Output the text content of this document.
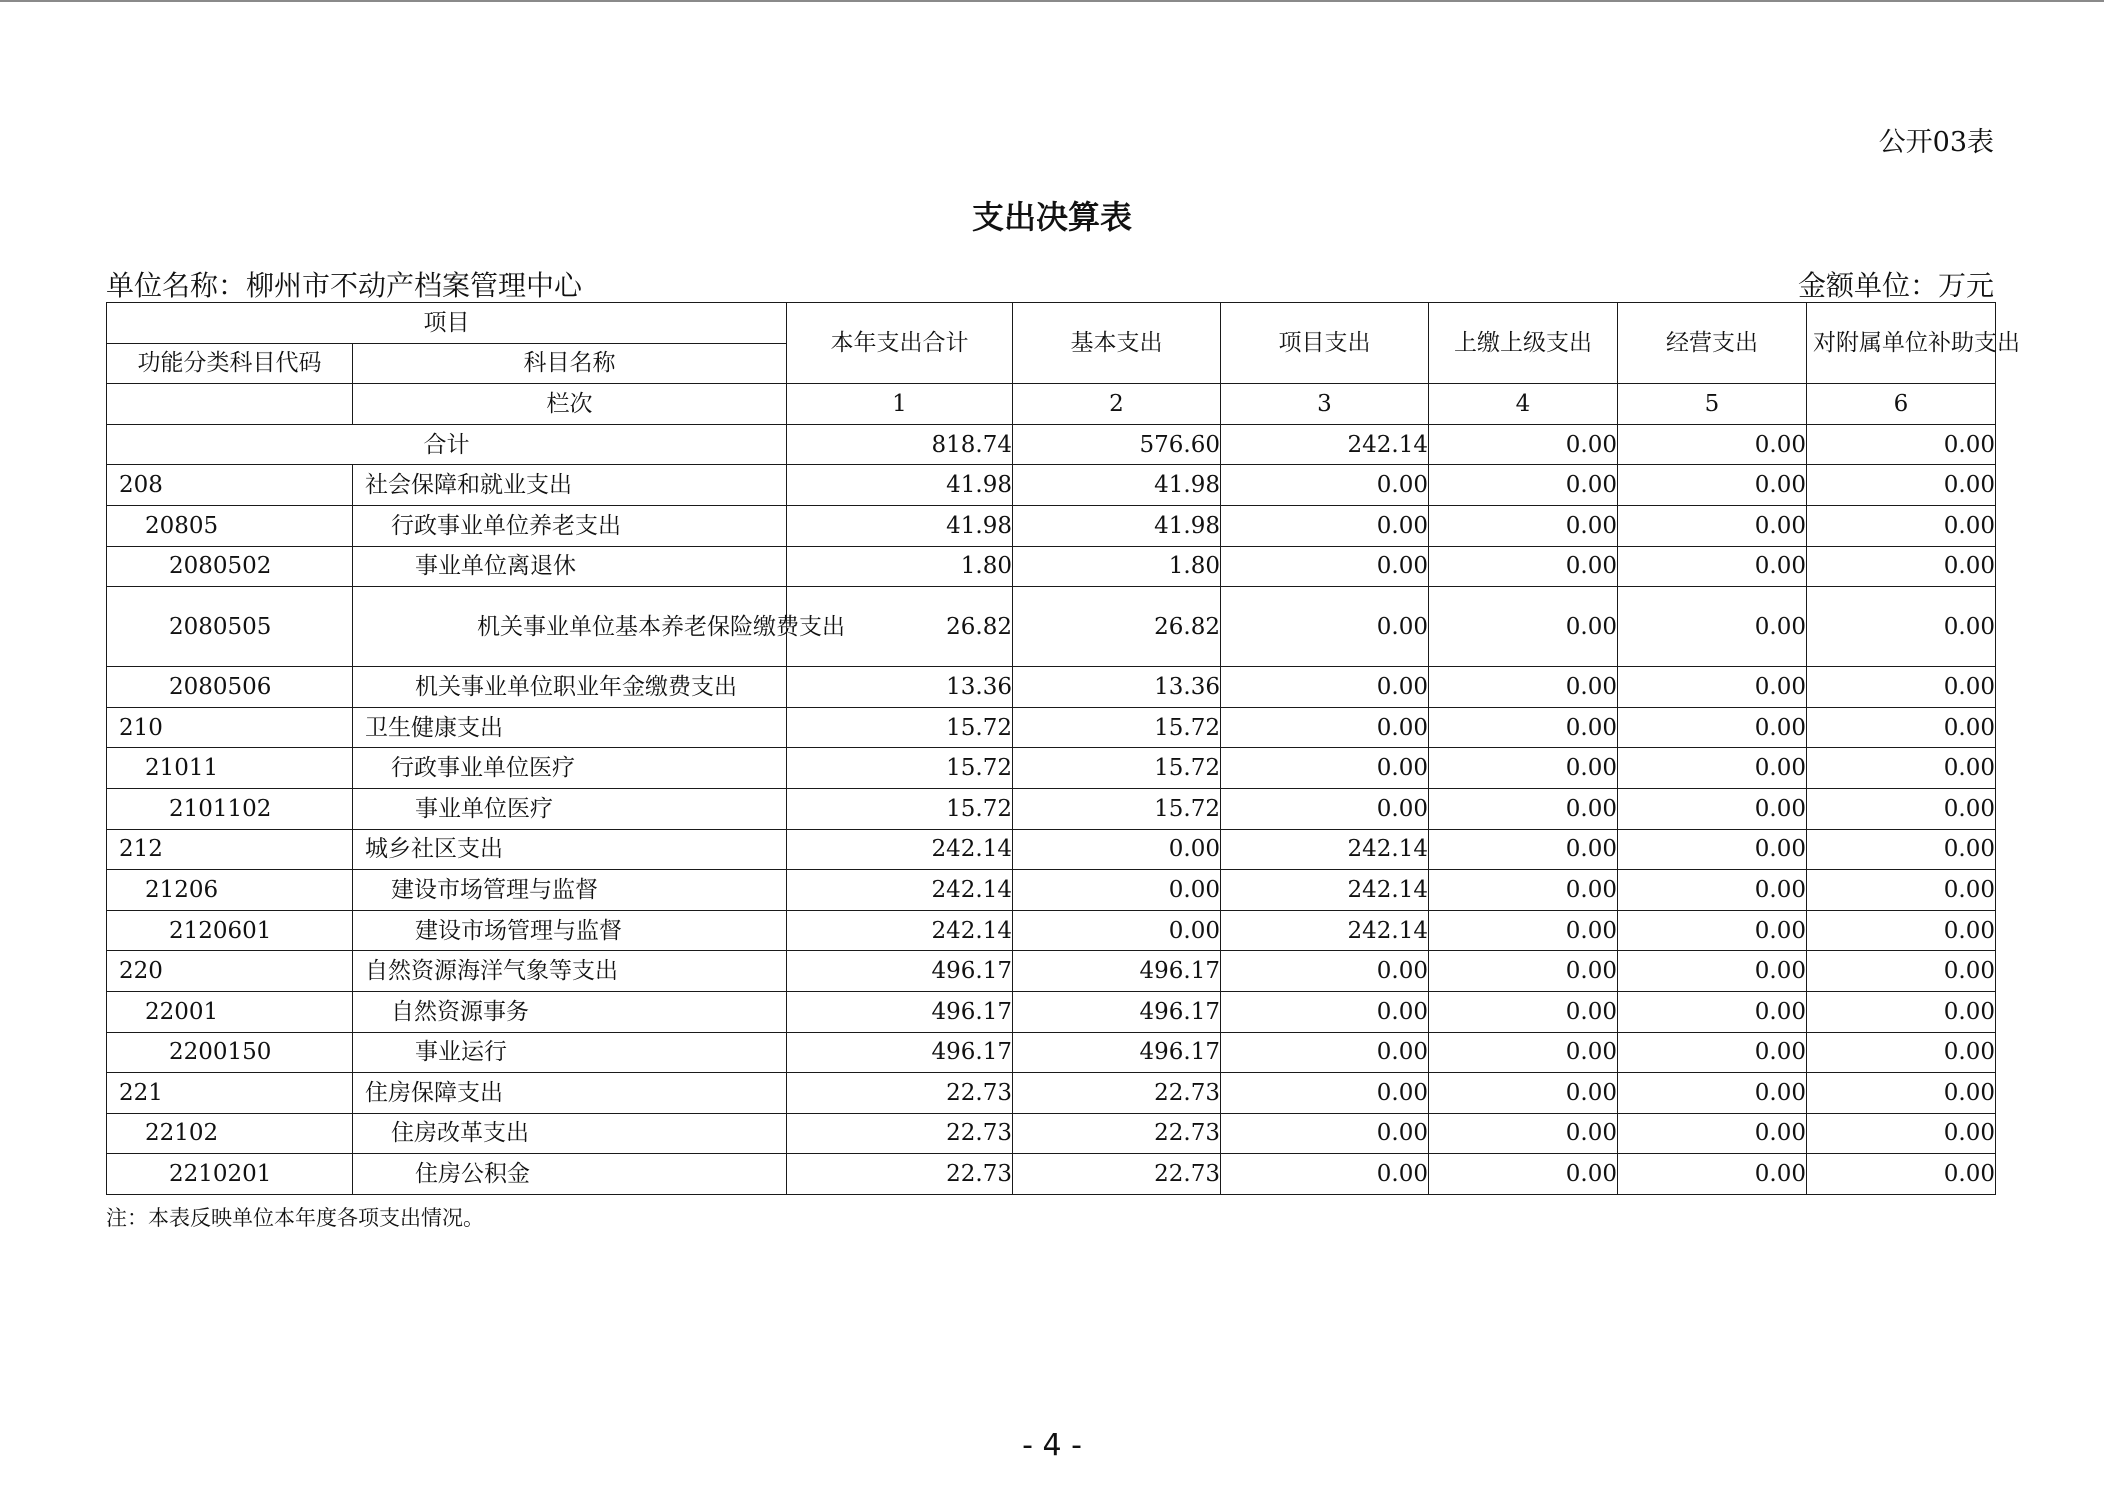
公开03表
支出决算表
单位名称：柳州市不动产档案管理中心	金额单位：万元
项目		本年支出合计	基本支出	项目支出	上缴上级支出	经营支出	对附属单位补助支出
功能分类科目代码	科目名称						
	栏次	1	2	3	4	5	6
合计		818.74	576.60	242.14	0.00	0.00	0.00
208	社会保障和就业支出	41.98	41.98	0.00	0.00	0.00	0.00
20805	行政事业单位养老支出	41.98	41.98	0.00	0.00	0.00	0.00
2080502	事业单位离退休	1.80	1.80	0.00	0.00	0.00	0.00
2080505	机关事业单位基本养老保险缴费支出	26.82	26.82	0.00	0.00	0.00	0.00
2080506	机关事业单位职业年金缴费支出	13.36	13.36	0.00	0.00	0.00	0.00
210	卫生健康支出	15.72	15.72	0.00	0.00	0.00	0.00
21011	行政事业单位医疗	15.72	15.72	0.00	0.00	0.00	0.00
2101102	事业单位医疗	15.72	15.72	0.00	0.00	0.00	0.00
212	城乡社区支出	242.14	0.00	242.14	0.00	0.00	0.00
21206	建设市场管理与监督	242.14	0.00	242.14	0.00	0.00	0.00
2120601	建设市场管理与监督	242.14	0.00	242.14	0.00	0.00	0.00
220	自然资源海洋气象等支出	496.17	496.17	0.00	0.00	0.00	0.00
22001	自然资源事务	496.17	496.17	0.00	0.00	0.00	0.00
2200150	事业运行	496.17	496.17	0.00	0.00	0.00	0.00
221	住房保障支出	22.73	22.73	0.00	0.00	0.00	0.00
22102	住房改革支出	22.73	22.73	0.00	0.00	0.00	0.00
2210201	住房公积金	22.73	22.73	0.00	0.00	0.00	0.00
注：本表反映单位本年度各项支出情况。
- 4 -
